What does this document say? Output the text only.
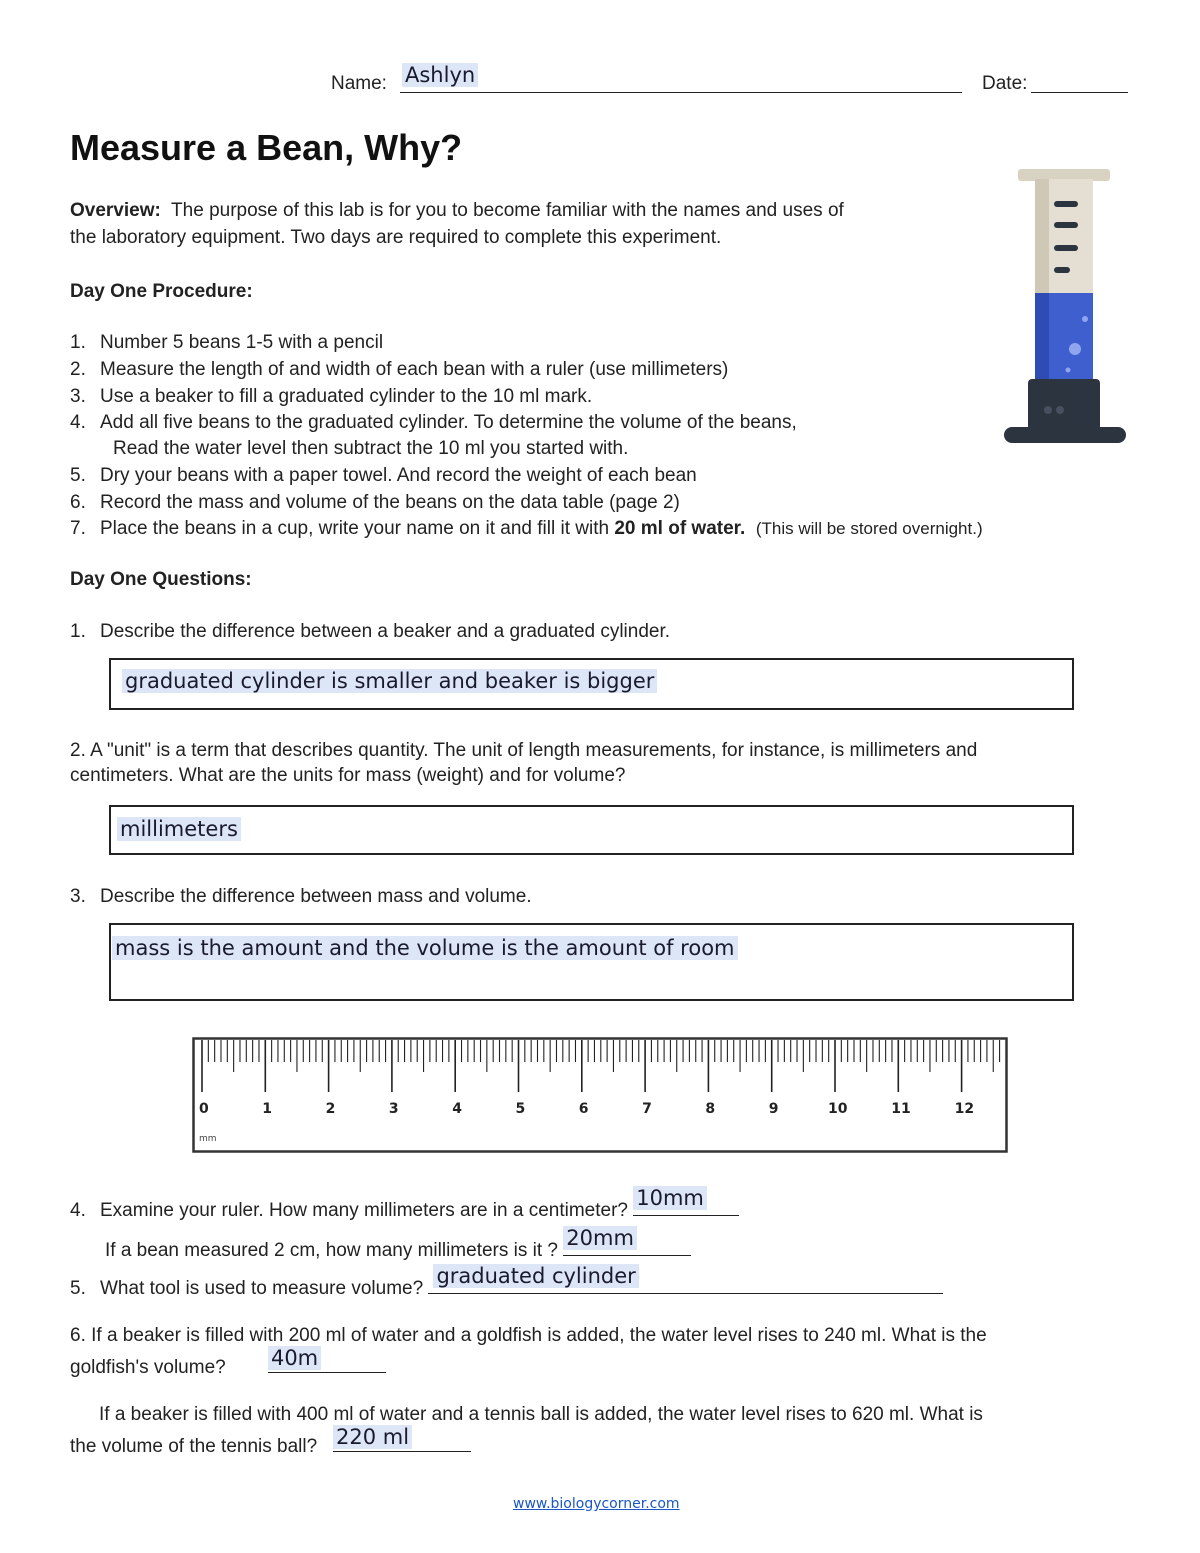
Name: Ashlyn	Date:
Measure a Bean, Why?
Overview: The purpose of this lab is for you to become familiar with the names and uses of
the laboratory equipment. Two days are required to complete this experiment.
Day One Procedure:
1. Number 5 beans 1-5 with a pencil
2. Measure the length of and width of each bean with a ruler (use millimeters)
3. Use a beaker to fill a graduated cylinder to the 10 ml mark.
4. Add all five beans to the graduated cylinder. To determine the volume of the beans,
Read the water level then subtract the 10 ml you started with.
5. Dry your beans with a paper towel. And record the weight of each bean
6. Record the mass and volume of the beans on the data table (page 2)
7. Place the beans in a cup, write your name on it and fill it with 20 ml of water. (This will be stored overnight.)
Day One Questions:
1. Describe the difference between a beaker and a graduated cylinder.
graduated cylinder is smaller and beaker is bigger
2. A "unit" is a term that describes quantity. The unit of length measurements, for instance, is millimeters and
centimeters. What are the units for mass (weight) and for volume?
millimeters
3. Describe the difference between mass and volume.
mass is the amount and the volume is the amount of room
0	1	2	3	4	5	6	7	8	9	10	11	12
mm
4. Examine your ruler. How many millimeters are in a centimeter?
10mm
If a bean measured 2 cm, how many millimeters is it ?
20mm
5. What tool is used to measure volume?
graduated cylinder
6. If a beaker is filled with 200 ml of water and a goldfish is added, the water level rises to 240 ml. What is the
goldfish's volume? 40m
If a beaker is filled with 400 ml of water and a tennis ball is added, the water level rises to 620 ml. What is
the volume of the tennis ball? 220 ml
www.biologycorner.com
